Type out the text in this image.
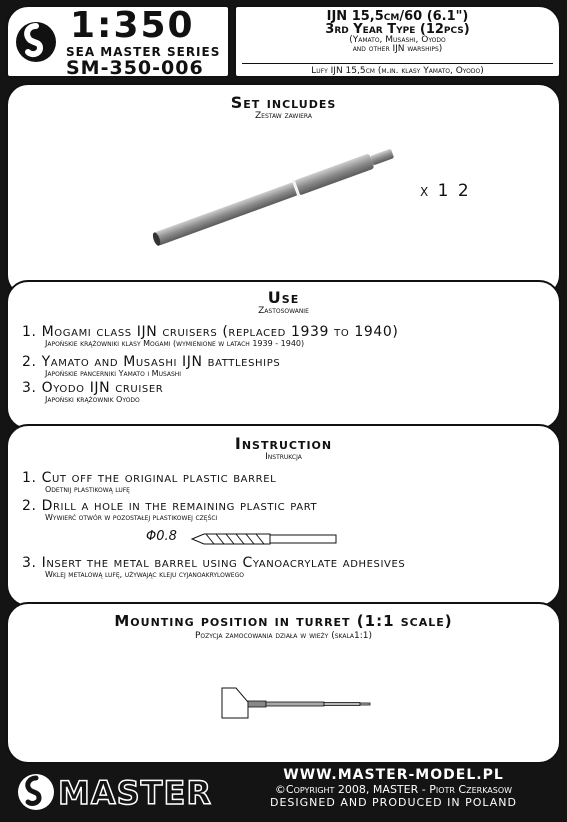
1:350
SEA MASTER SERIES
SM-350-006
IJN 15,5cm/60 (6.1")
3rd Year Type (12pcs)
(Yamato, Musashi, Oyodo
and other IJN warships)
Lufy IJN 15,5cm (m.in. klasy Yamato, Oyodo)
Set includes
Zestaw zawiera
x 1 2
Use
Zastosowanie
1. Mogami class IJN cruisers (replaced 1939 to 1940)
Japońskie krążowniki klasy Mogami (wymienione w latach 1939 - 1940)
2. Yamato and Musashi IJN battleships
Japońskie pancerniki Yamato i Musashi
3. Oyodo IJN cruiser
Japoński krążownik Oyodo
Instruction
Instrukcja
1. Cut off the original plastic barrel
Odetnij plastikową lufę
2. Drill a hole in the remaining plastic part
Wywierć otwór w pozostałej plastikowej części
Φ0.8
3. Insert the metal barrel using Cyanoacrylate adhesives
Wklej metalową lufę, używając kleju cyjanoakrylowego
Mounting position in turret (1:1 scale)
Pozycja zamocowania działa w wieży (skala1:1)
MASTER	WWW.MASTER-MODEL.PL
©Copyright 2008, MASTER - Piotr Czerkasow
DESIGNED AND PRODUCED IN POLAND
